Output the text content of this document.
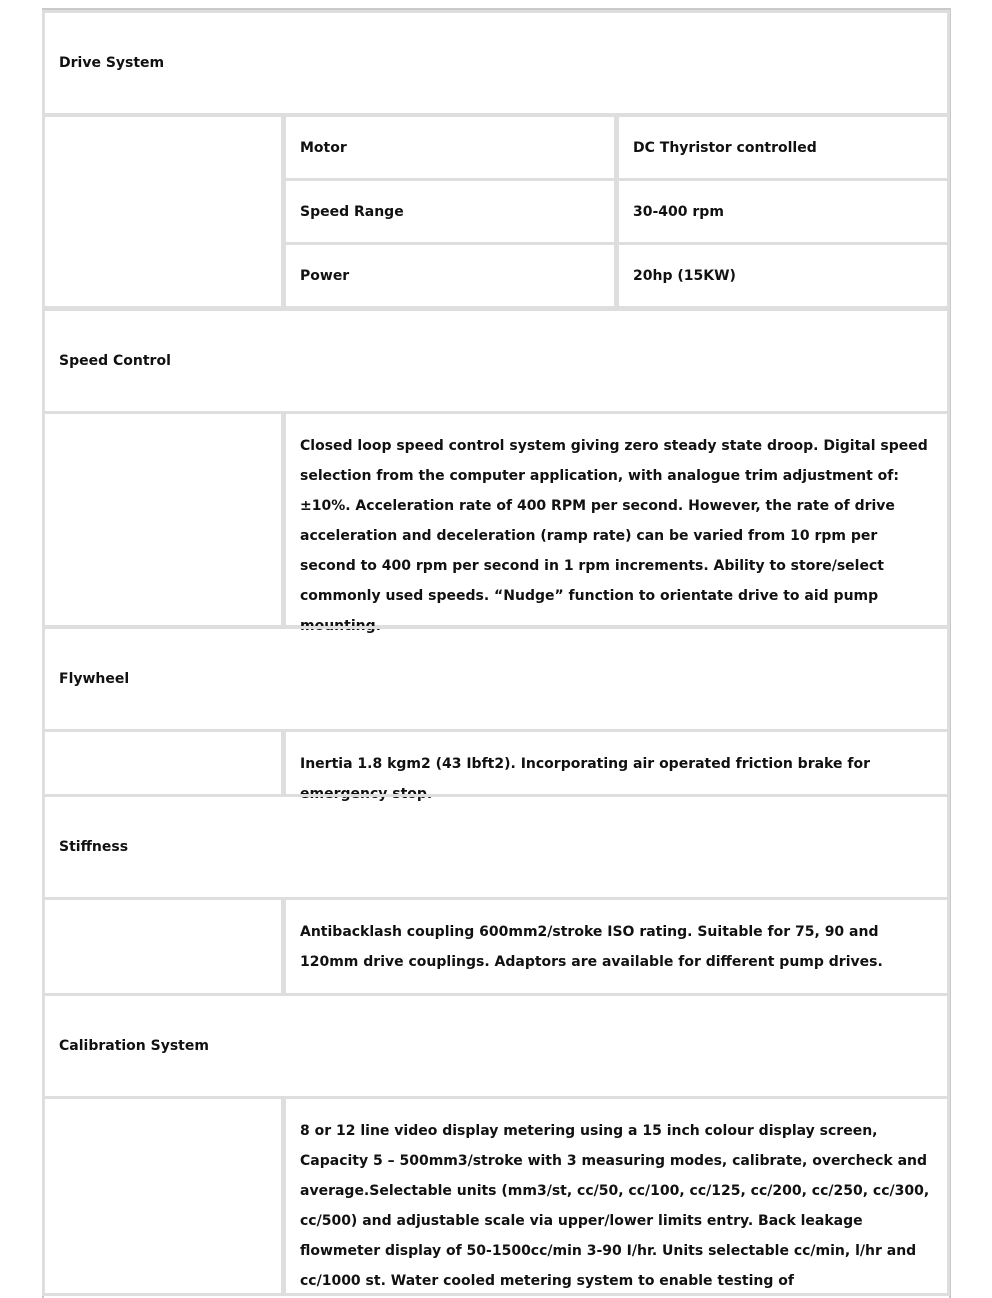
Drive System
Motor	DC Thyristor controlled
Speed Range	30-400 rpm
Power	20hp (15KW)
Speed Control
Closed loop speed control system giving zero steady state droop. Digital speed selection from the computer application, with analogue trim adjustment of: ±10%. Acceleration rate of 400 RPM per second. However, the rate of drive acceleration and deceleration (ramp rate) can be varied from 10 rpm per second to 400 rpm per second in 1 rpm increments. Ability to store/select commonly used speeds. “Nudge” function to orientate drive to aid pump mounting.
Flywheel
Inertia 1.8 kgm2 (43 Ibft2). Incorporating air operated friction brake for emergency stop.
Stiffness
Antibacklash coupling 600mm2/stroke ISO rating. Suitable for 75, 90 and 120mm drive couplings. Adaptors are available for different pump drives.
Calibration System
8 or 12 line video display metering using a 15 inch colour display screen, Capacity 5 – 500mm3/stroke with 3 measuring modes, calibrate, overcheck and average.Selectable units (mm3/st, cc/50, cc/100, cc/125, cc/200, cc/250, cc/300, cc/500) and adjustable scale via upper/lower limits entry. Back leakage flowmeter display of 50-1500cc/min 3-90 I/hr. Units selectable cc/min, l/hr and cc/1000 st. Water cooled metering system to enable testing of
